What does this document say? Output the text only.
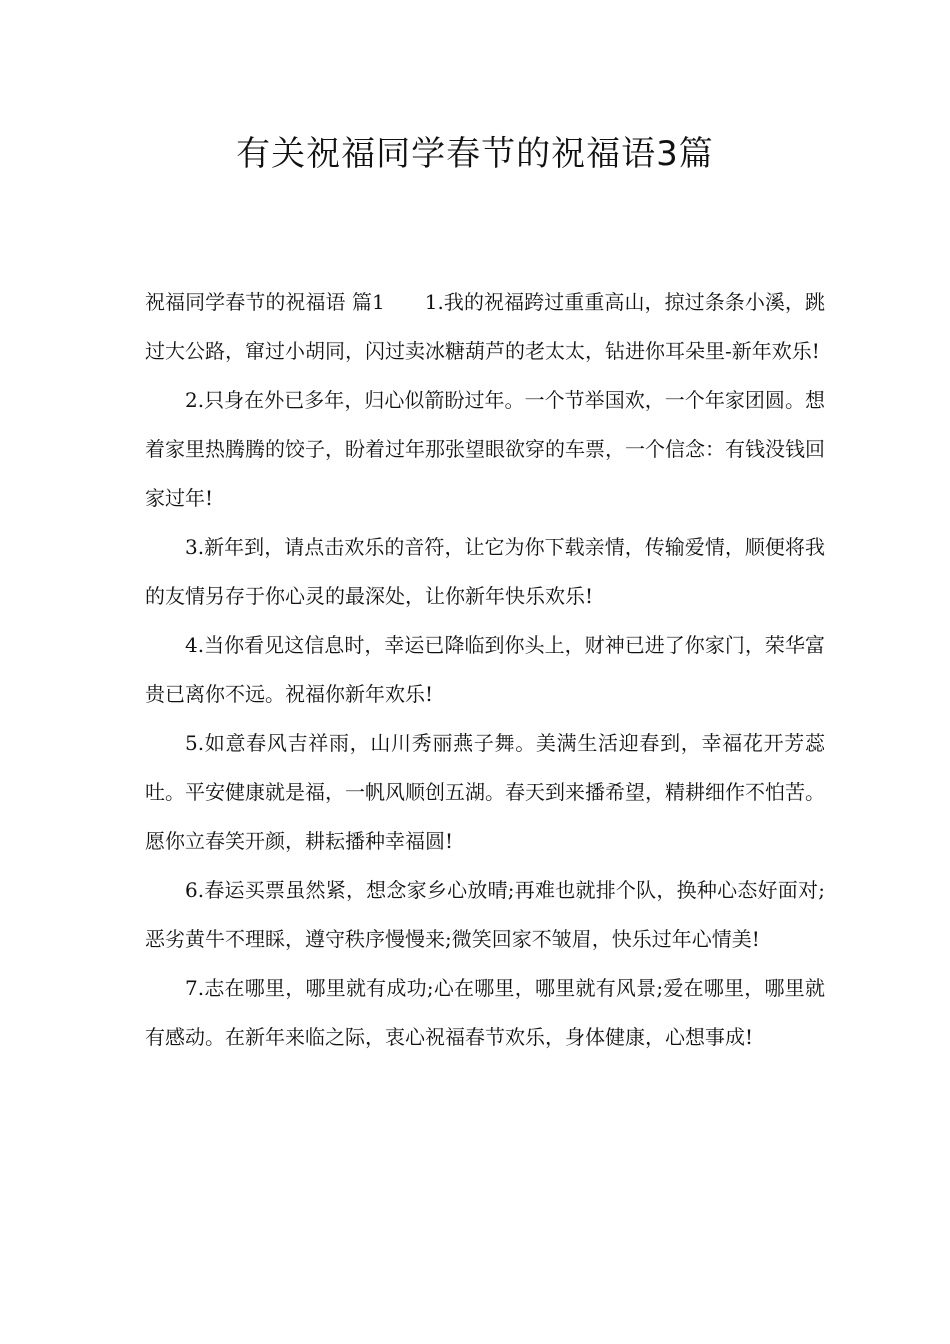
有关祝福同学春节的祝福语3篇

祝福同学春节的祝福语 篇1 1.我的祝福跨过重重高山，掠过条条小溪，跳过大公路，窜过小胡同，闪过卖冰糖葫芦的老太太，钻进你耳朵里-新年欢乐!

2.只身在外已多年，归心似箭盼过年。一个节举国欢，一个年家团圆。想着家里热腾腾的饺子，盼着过年那张望眼欲穿的车票，一个信念：有钱没钱回家过年!

3.新年到，请点击欢乐的音符，让它为你下载亲情，传输爱情，顺便将我的友情另存于你心灵的最深处，让你新年快乐欢乐!

4.当你看见这信息时，幸运已降临到你头上，财神已进了你家门，荣华富贵已离你不远。祝福你新年欢乐!

5.如意春风吉祥雨，山川秀丽燕子舞。美满生活迎春到，幸福花开芳蕊吐。平安健康就是福，一帆风顺创五湖。春天到来播希望，精耕细作不怕苦。愿你立春笑开颜，耕耘播种幸福圆!

6.春运买票虽然紧，想念家乡心放晴;再难也就排个队，换种心态好面对;恶劣黄牛不理睬，遵守秩序慢慢来;微笑回家不皱眉，快乐过年心情美!

7.志在哪里，哪里就有成功;心在哪里，哪里就有风景;爱在哪里，哪里就有感动。在新年来临之际，衷心祝福春节欢乐，身体健康，心想事成!
